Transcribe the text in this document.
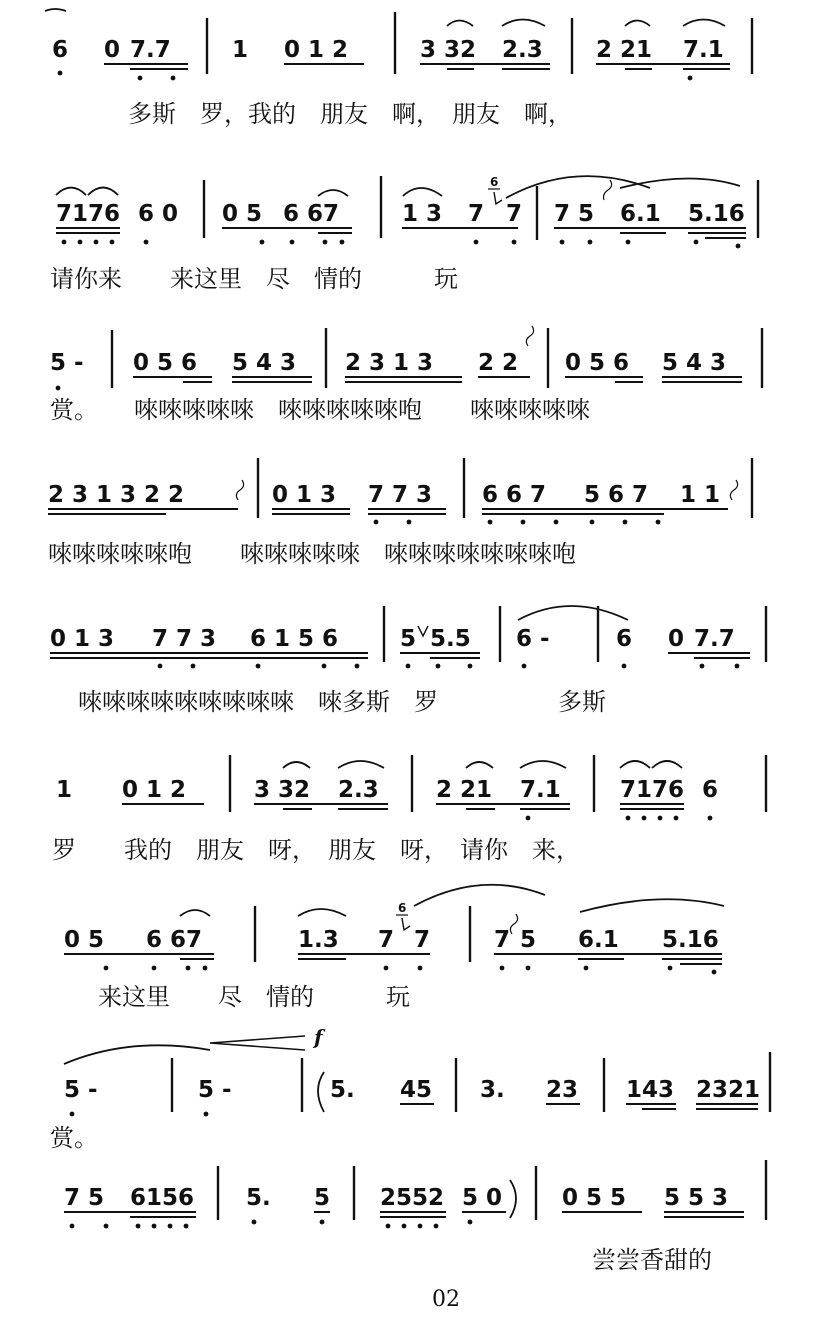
6 0 7.7	1 0 1 2	3 32 2.3 2 21 7.1
多斯　罗，我的　朋友　啊，　朋友　啊，
7176 6 0 0 5 6 67	1 3 7 7
6
7 5 6.1 5.16
请你来　　来这里　尽　情的　　　玩
5 - 0 5 6 5 4 3 2 3 1 3 2 2 0 5 6 5 4 3
赏。　　唻唻唻唻唻　唻唻唻唻唻咆　　唻唻唻唻唻
2 3 1 3 2 2	0 1 3 7 7 3 6 6 7 5 6 7 1 1
唻唻唻唻唻咆　　唻唻唻唻唻　唻唻唻唻唻唻唻咆
0 1 3 7 7 3 6 1 5 6	5 5.5 6 -	6 0 7.7
唻唻唻唻唻唻唻唻唻　唻多斯　罗　　　　　多斯
1 0 1 2	3 32 2.3 2 21 7.1	7176 6
罗　　我的　朋友　呀，　朋友　呀，　请你　来，
0 5 6 67	1.3 7 7
6
7 5 6.1 5.16
来这里　　尽　情的　　　玩
f
5 -	5 -	5. 45 3. 23 143 2321
赏。
7 5 6156 5. 5 2552 5 0	0 5 5 5 5 3
尝尝香甜的
02
